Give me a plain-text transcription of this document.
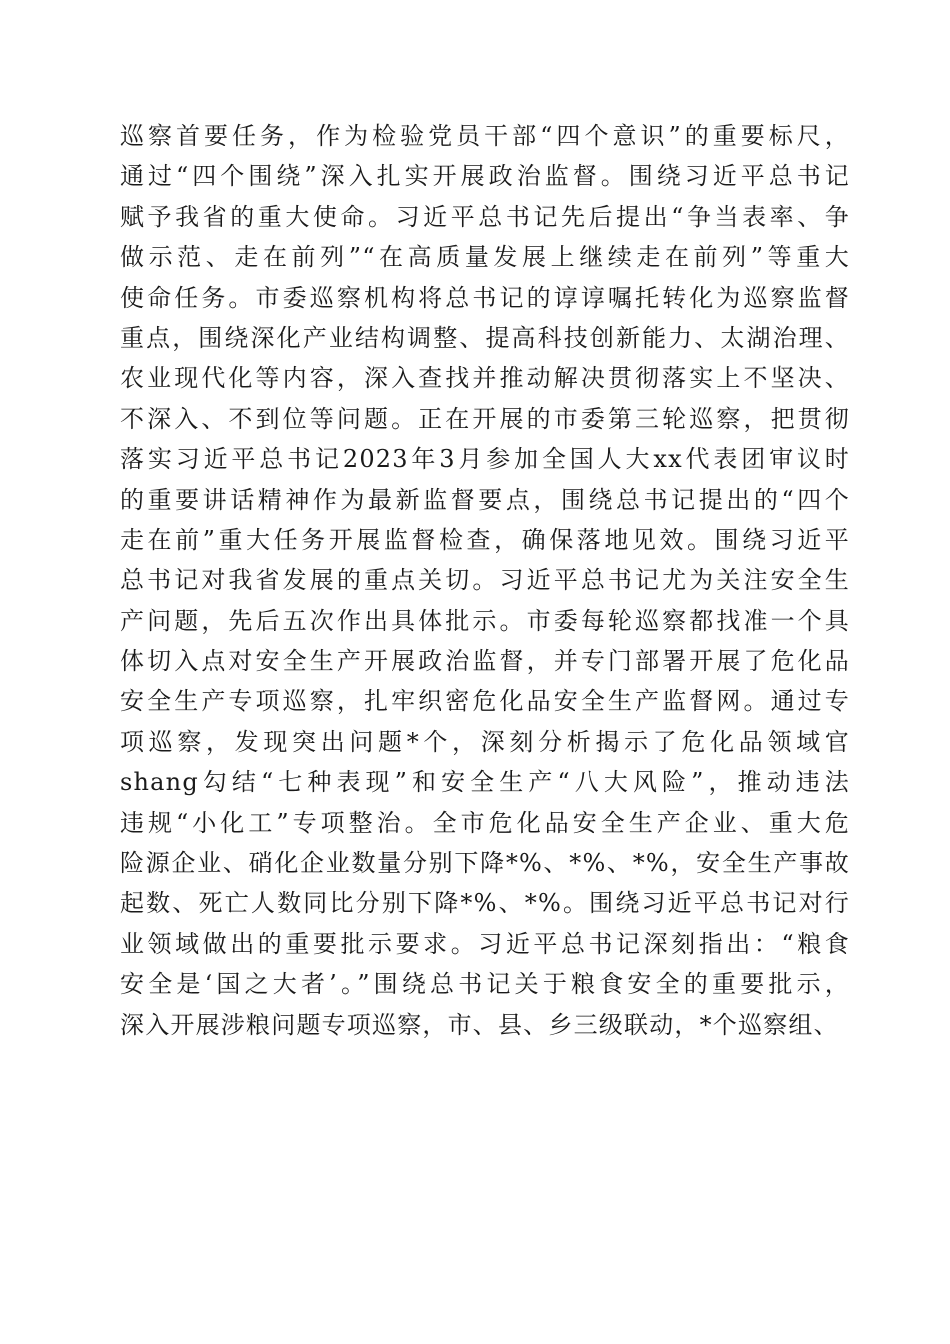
巡察首要任务，作为检验党员干部“四个意识”的重要标尺，
通过“四个围绕”深入扎实开展政治监督。围绕习近平总书记
赋予我省的重大使命。习近平总书记先后提出“争当表率、争
做示范、走在前列”“在高质量发展上继续走在前列”等重大
使命任务。市委巡察机构将总书记的谆谆嘱托转化为巡察监督
重点，围绕深化产业结构调整、提高科技创新能力、太湖治理、
农业现代化等内容，深入查找并推动解决贯彻落实上不坚决、
不深入、不到位等问题。正在开展的市委第三轮巡察，把贯彻
落实习近平总书记2023年3月参加全国人大xx代表团审议时
的重要讲话精神作为最新监督要点，围绕总书记提出的“四个
走在前”重大任务开展监督检查，确保落地见效。围绕习近平
总书记对我省发展的重点关切。习近平总书记尤为关注安全生
产问题，先后五次作出具体批示。市委每轮巡察都找准一个具
体切入点对安全生产开展政治监督，并专门部署开展了危化品
安全生产专项巡察，扎牢织密危化品安全生产监督网。通过专
项巡察，发现突出问题*个，深刻分析揭示了危化品领域官
shang勾结“七种表现”和安全生产“八大风险”，推动违法
违规“小化工”专项整治。全市危化品安全生产企业、重大危
险源企业、硝化企业数量分别下降*%、*%、*%，安全生产事故
起数、死亡人数同比分别下降*%、*%。围绕习近平总书记对行
业领域做出的重要批示要求。习近平总书记深刻指出：“粮食
安全是‘国之大者’。”围绕总书记关于粮食安全的重要批示，
深入开展涉粮问题专项巡察，市、县、乡三级联动，*个巡察组、
